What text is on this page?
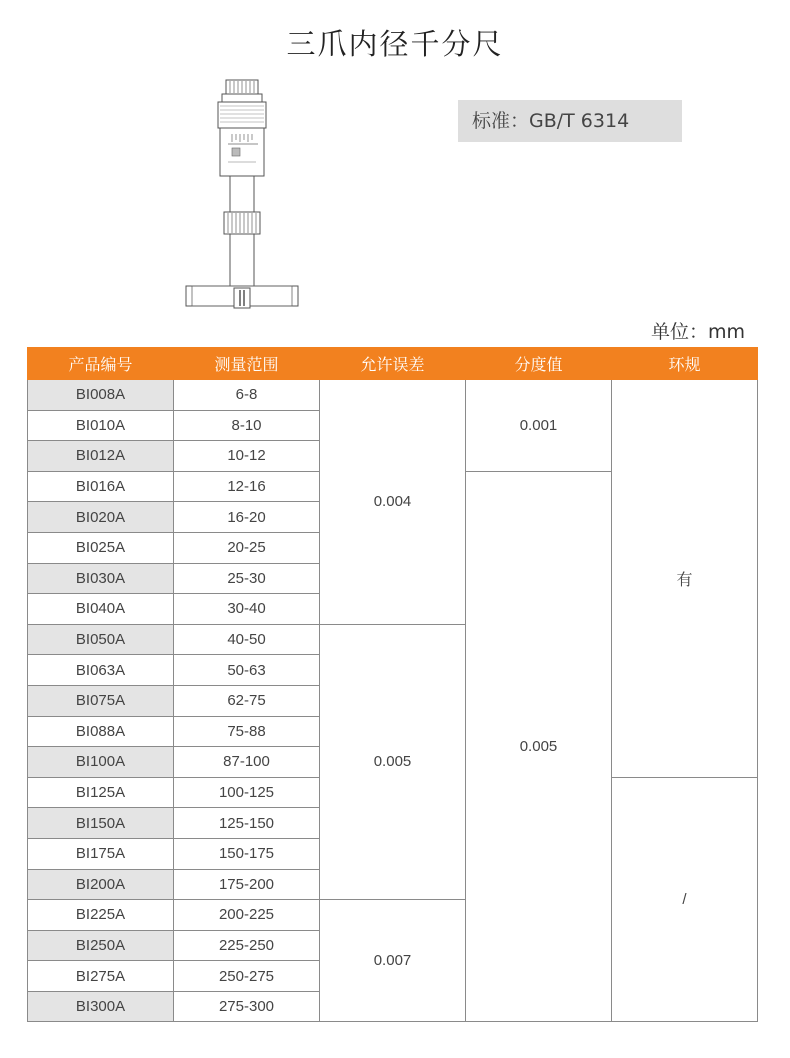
三爪内径千分尺
标准：GB/T 6314
单位：mm
产品编号	测量范围	允许误差	分度值	环规
BI008A	6-8	0.004	0.001	有
BI010A	8-10			
BI012A	10-12			
BI016A	12-16		0.005	
BI020A	16-20			
BI025A	20-25			
BI030A	25-30			
BI040A	30-40			
BI050A	40-50	0.005		
BI063A	50-63			
BI075A	62-75			
BI088A	75-88			
BI100A	87-100			
BI125A	100-125			/
BI150A	125-150			
BI175A	150-175			
BI200A	175-200			
BI225A	200-225	0.007		
BI250A	225-250			
BI275A	250-275			
BI300A	275-300			
